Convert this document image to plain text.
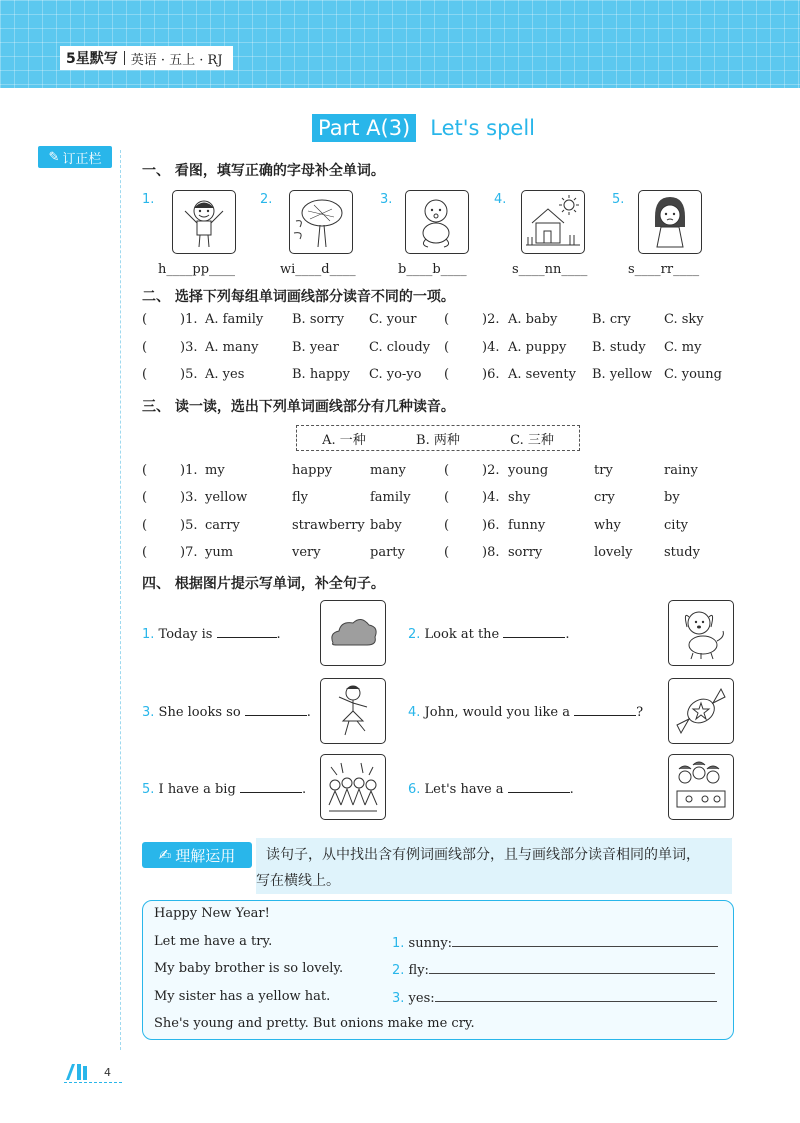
5星默写 英语 · 五上 · RJ
Part A(3) Let's spell
✎ 订正栏
一、 看图，填写正确的字母补全单词。
1.	2.	3.	4.	5.
h____pp____	wi____d____	b____b____	s____nn____	s____rr____
二、 选择下列每组单词画线部分读音不同的一项。
(	)1. A. family B. sorry C. your (	)2. A. baby	B. cry	C. sky
(	)3. A. many	B. year C. cloudy (	)4. A. puppy B. study C. my
(	)5. A. yes	B. happy C. yo-yo (	)6. A. seventy B. yellow C. young
三、 读一读，选出下列单词画线部分有几种读音。
A. 一种	B. 两种	C. 三种
(	)1. my	happy	many	(	)2. young	try	rainy
(	)3. yellow	fly	family	(	)4. shy	cry	by
(	)5. carry	strawberry baby	(	)6. funny	why	city
(	)7. yum	very	party	(	)8. sorry	lovely study
四、 根据图片提示写单词，补全句子。
1. Today is	.	2. Look at the	.
3. She looks so	.	4. John, would you like a	?
5. I have a big	.	6. Let's have a	.
✍ 理解运用 读句子，从中找出含有例词画线部分，且与画线部分读音相同的单词，
写在横线上。
Happy New Year!
Let me have a try.
My baby brother is so lovely.
My sister has a yellow hat.
She's young and pretty. But onions make me cry.
1. sunny:
2. fly:
3. yes:
4
